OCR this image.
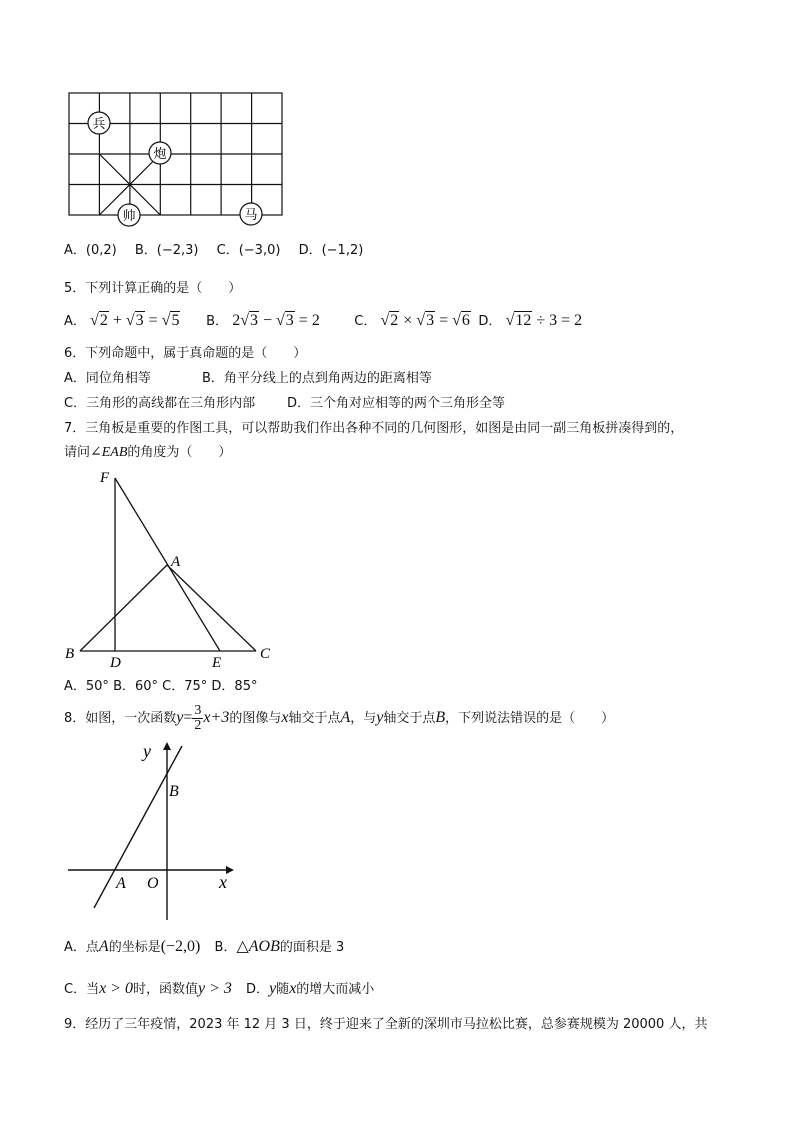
兵
炮
帅	马
A．(0,2) B．(−2,3) C．(−3,0) D．(−1,2)
5．下列计算正确的是（　　）
A． √2 + √3 = √5 B． 2√3 − √3 = 2	C． √2 × √3 = √6 D． √12 ÷ 3 = 2
6．下列命题中，属于真命题的是（　　）
A．同位角相等	B．角平分线上的点到角两边的距离相等
C．三角形的高线都在三角形内部 D．三个角对应相等的两个三角形全等
7．三角板是重要的作图工具，可以帮助我们作出各种不同的几何图形，如图是由同一副三角板拼凑得到的，
请问∠EAB的角度为（　　）
F
A
B
D	E
C
A．50° B．60° C．75° D．85°
8．如图，一次函数$y= \frac{3}{2} x+3$的图像与x轴交于点A，与y轴交于点B，下列说法错误的是（　　）
y
B
A O	x
A．点A的坐标是(−2,0) B．△AOB的面积是 3
C．当x > 0时，函数值y > 3 D．y随x的增大而减小
9．经历了三年疫情，2023 年 12 月 3 日，终于迎来了全新的深圳市马拉松比赛，总参赛规模为 20000 人，共
